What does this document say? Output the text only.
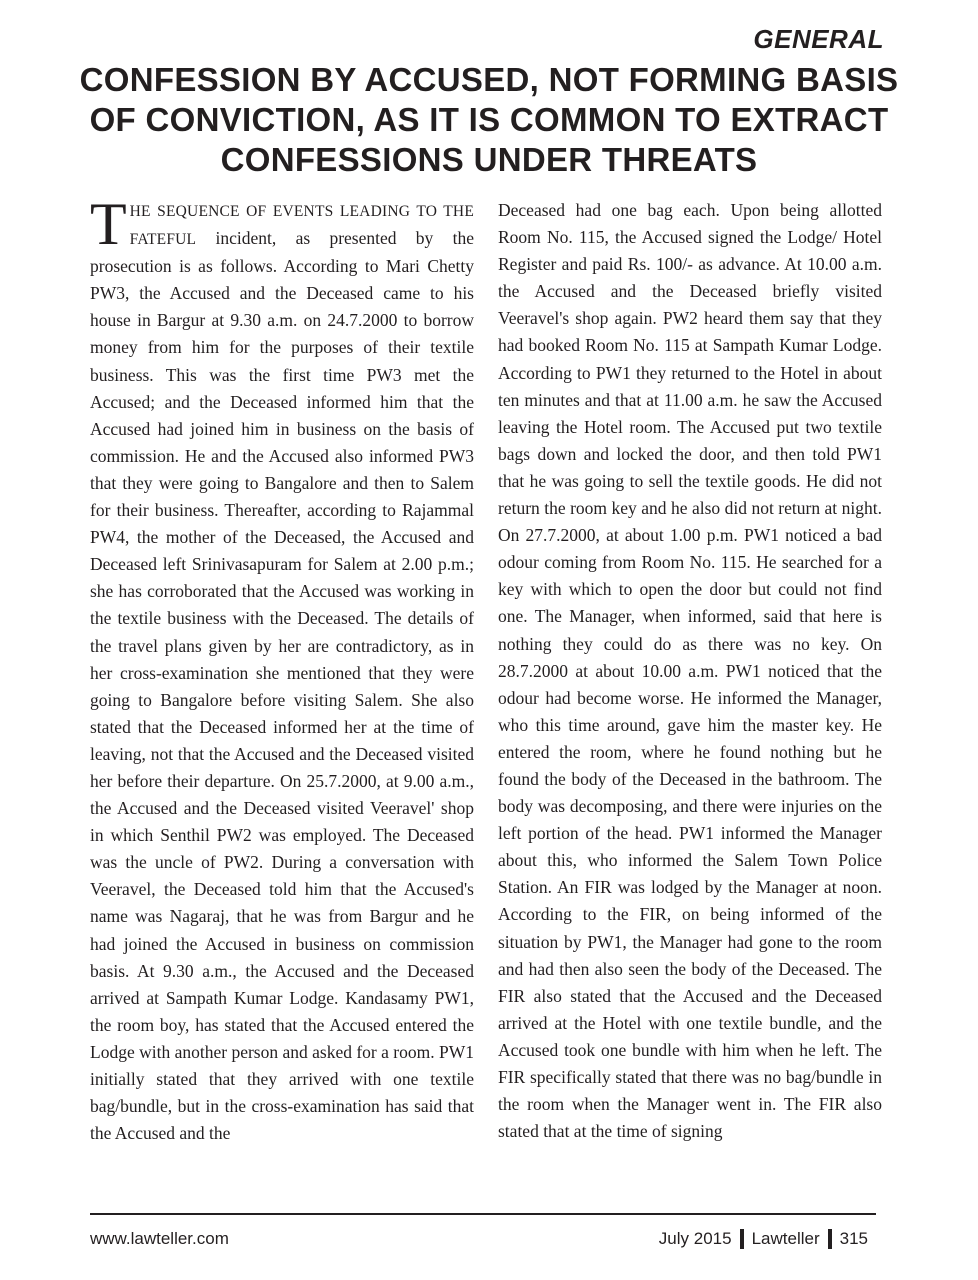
GENERAL
CONFESSION BY ACCUSED, NOT FORMING BASIS OF CONVICTION, AS IT IS COMMON TO EXTRACT CONFESSIONS UNDER THREATS

THE SEQUENCE OF EVENTS LEADING TO THE FATEFUL incident, as presented by the prosecution is as follows. According to Mari Chetty PW3, the Accused and the Deceased came to his house in Bargur at 9.30 a.m. on 24.7.2000 to borrow money from him for the purposes of their textile business. This was the first time PW3 met the Accused; and the Deceased informed him that the Accused had joined him in business on the basis of commission. He and the Accused also informed PW3 that they were going to Bangalore and then to Salem for their business. Thereafter, according to Rajammal PW4, the mother of the Deceased, the Accused and Deceased left Srinivasapuram for Salem at 2.00 p.m.; she has corroborated that the Accused was working in the textile business with the Deceased. The details of the travel plans given by her are contradictory, as in her cross-examination she mentioned that they were going to Bangalore before visiting Salem. She also stated that the Deceased informed her at the time of leaving, not that the Accused and the Deceased visited her before their departure. On 25.7.2000, at 9.00 a.m., the Accused and the Deceased visited Veeravel' shop in which Senthil PW2 was employed. The Deceased was the uncle of PW2. During a conversation with Veeravel, the Deceased told him that the Accused's name was Nagaraj, that he was from Bargur and he had joined the Accused in business on commission basis. At 9.30 a.m., the Accused and the Deceased arrived at Sampath Kumar Lodge. Kandasamy PW1, the room boy, has stated that the Accused entered the Lodge with another person and asked for a room. PW1 initially stated that they arrived with one textile bag/bundle, but in the cross-examination has said that the Accused and the

Deceased had one bag each. Upon being allotted Room No. 115, the Accused signed the Lodge/ Hotel Register and paid Rs. 100/- as advance. At 10.00 a.m. the Accused and the Deceased briefly visited Veeravel's shop again. PW2 heard them say that they had booked Room No. 115 at Sampath Kumar Lodge. According to PW1 they returned to the Hotel in about ten minutes and that at 11.00 a.m. he saw the Accused leaving the Hotel room. The Accused put two textile bags down and locked the door, and then told PW1 that he was going to sell the textile goods. He did not return the room key and he also did not return at night. On 27.7.2000, at about 1.00 p.m. PW1 noticed a bad odour coming from Room No. 115. He searched for a key with which to open the door but could not find one. The Manager, when informed, said that here is nothing they could do as there was no key. On 28.7.2000 at about 10.00 a.m. PW1 noticed that the odour had become worse. He informed the Manager, who this time around, gave him the master key. He entered the room, where he found nothing but he found the body of the Deceased in the bathroom. The body was decomposing, and there were injuries on the left portion of the head. PW1 informed the Manager about this, who informed the Salem Town Police Station. An FIR was lodged by the Manager at noon. According to the FIR, on being informed of the situation by PW1, the Manager had gone to the room and had then also seen the body of the Deceased. The FIR also stated that the Accused and the Deceased arrived at the Hotel with one textile bundle, and the Accused took one bundle with him when he left. The FIR specifically stated that there was no bag/bundle in the room when the Manager went in. The FIR also stated that at the time of signing

www.lawteller.com	July 2015 Lawteller 315
